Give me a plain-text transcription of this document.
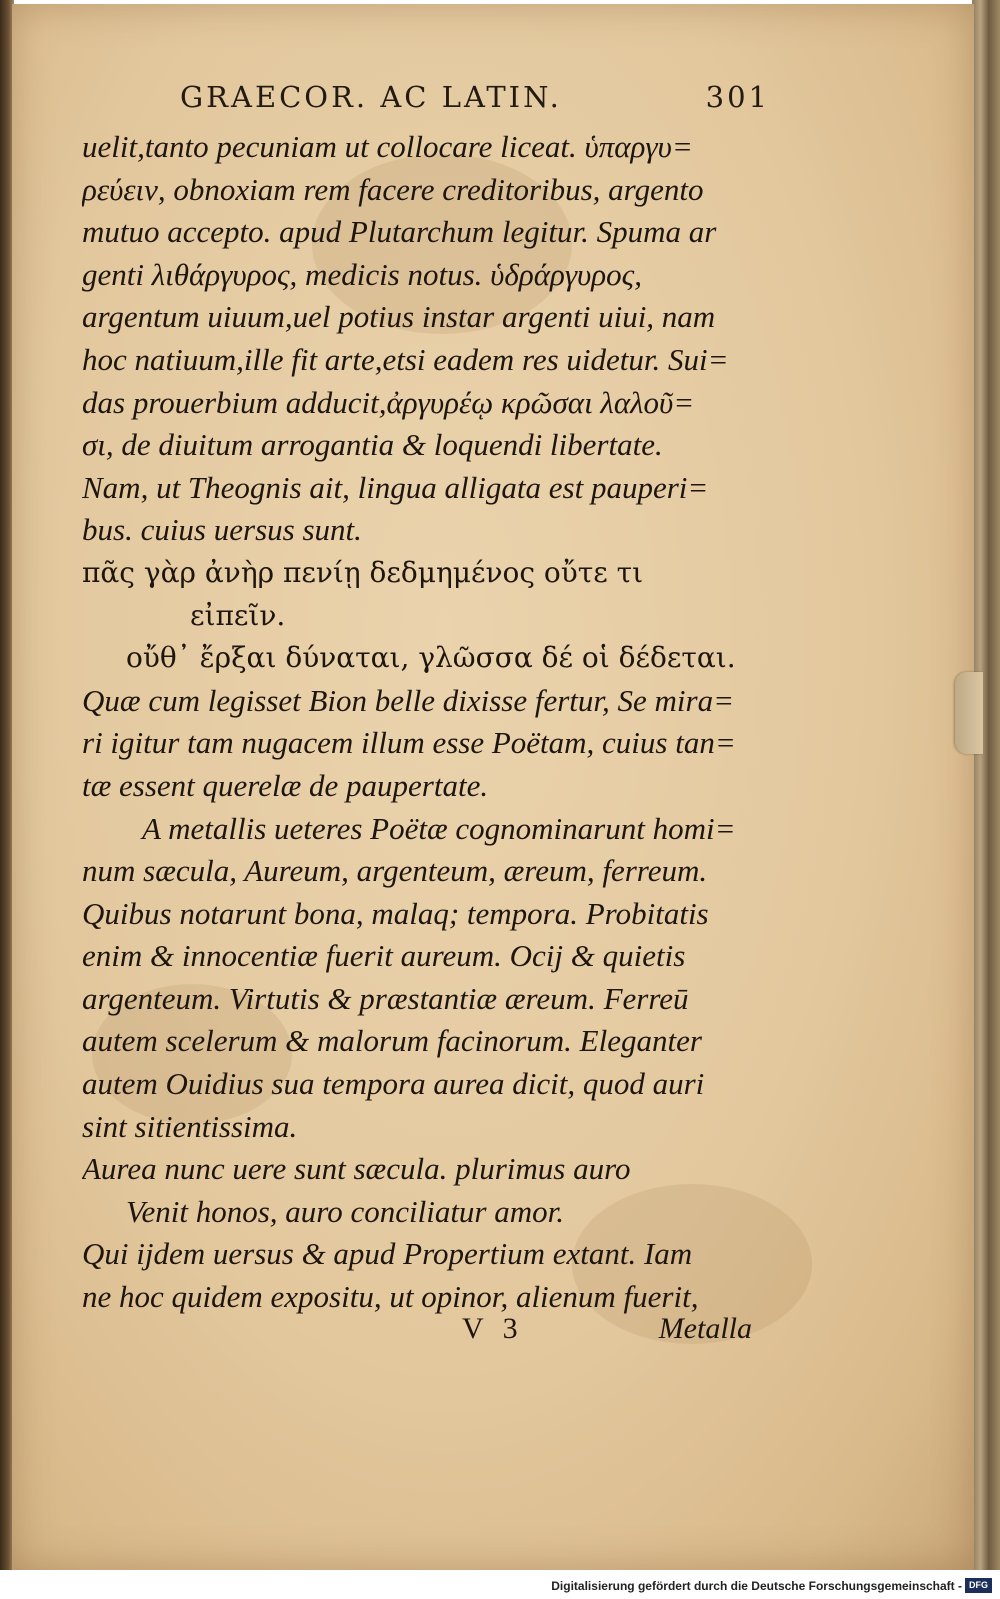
GRAECOR. AC LATIN.	301
uelit,tanto pecuniam ut collocare liceat. ὑπαργυ=
ρεύειν, obnoxiam rem facere creditoribus, argento
mutuo accepto. apud Plutarchum legitur. Spuma ar
genti λιθάργυρος, medicis notus. ὑδράργυρος,
argentum uiuum,uel potius instar argenti uiui, nam
hoc natiuum,ille fit arte,etsi eadem res uidetur. Sui=
das prouerbium adducit,ἀργυρέῳ κρῶσαι λαλοῦ=
σι, de diuitum arrogantia & loquendi libertate.
Nam, ut Theognis ait, lingua alligata est pauperi=
bus. cuius uersus sunt.
πᾶς γὰρ ἀνὴρ πενίῃ δεδμημένος οὔτε τι
εἰπεῖν.
οὔθ᾽ ἔρξαι δύναται, γλῶσσα δέ οἱ δέδεται.
Quæ cum legisset Bion belle dixisse fertur, Se mira=
ri igitur tam nugacem illum esse Poëtam, cuius tan=
tæ essent querelæ de paupertate.
A metallis ueteres Poëtæ cognominarunt homi=
num sæcula, Aureum, argenteum, æreum, ferreum.
Quibus notarunt bona, malaq; tempora. Probitatis
enim & innocentiæ fuerit aureum. Ocij & quietis
argenteum. Virtutis & præstantiæ æreum. Ferreū
autem scelerum & malorum facinorum. Eleganter
autem Ouidius sua tempora aurea dicit, quod auri
sint sitientissima.
Aurea nunc uere sunt sæcula. plurimus auro
Venit honos, auro conciliatur amor.
Qui ijdem uersus & apud Propertium extant. Iam
ne hoc quidem expositu, ut opinor, alienum fuerit,
V 3	Metalla
Digitalisierung gefördert durch die Deutsche Forschungsgemeinschaft - DFG
